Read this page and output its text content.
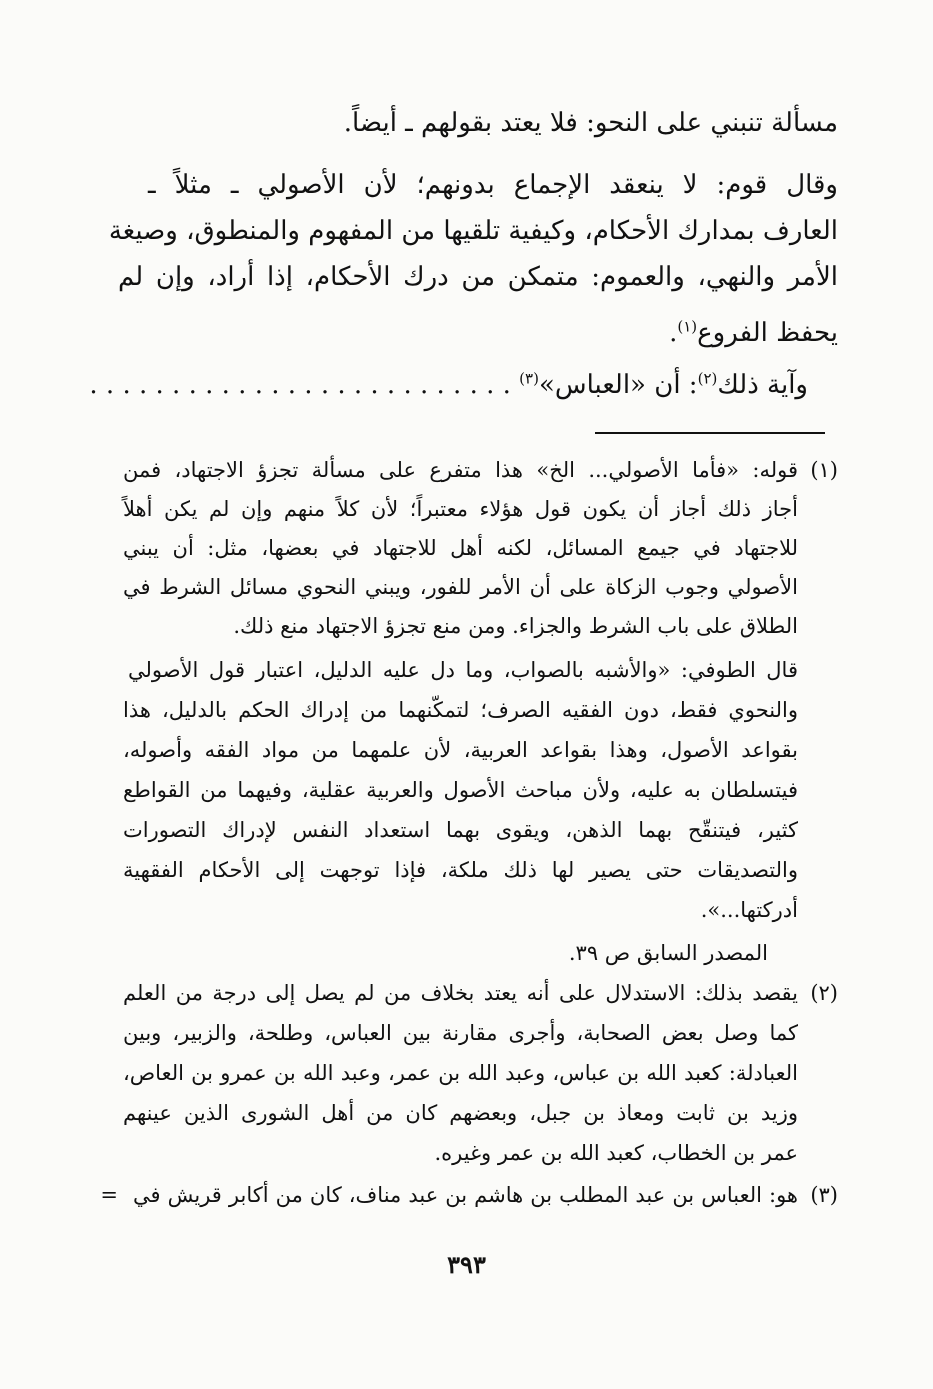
مسألة تنبني على النحو: فلا يعتد بقولهم ـ أيضاً.
وقال قوم: لا ينعقد الإجماع بدونهم؛ لأن الأصولي ـ مثلاً ـ
العارف بمدارك الأحكام، وكيفية تلقيها من المفهوم والمنطوق، وصيغة
الأمر والنهي، والعموم: متمكن من درك الأحكام، إذا أراد، وإن لم
يحفظ الفروع$^{(١)}$.
وآية ذلك$^{(٢)}$: أن «العباس»$^{(٣)}$ . . . . . . . . . . . . . . . . . . . . . . . . . .
(١)
قوله: «فأما الأصولي... الخ» هذا متفرع على مسألة تجزؤ الاجتهاد، فمن
أجاز ذلك أجاز أن يكون قول هؤلاء معتبراً؛ لأن كلاً منهم وإن لم يكن أهلاً
للاجتهاد في جيمع المسائل، لكنه أهل للاجتهاد في بعضها، مثل: أن يبني
الأصولي وجوب الزكاة على أن الأمر للفور، ويبني النحوي مسائل الشرط في
الطلاق على باب الشرط والجزاء. ومن منع تجزؤ الاجتهاد منع ذلك.
قال الطوفي: «والأشبه بالصواب، وما دل عليه الدليل، اعتبار قول الأصولي
والنحوي فقط، دون الفقيه الصرف؛ لتمكّنهما من إدراك الحكم بالدليل، هذا
بقواعد الأصول، وهذا بقواعد العربية، لأن علمهما من مواد الفقه وأصوله،
فيتسلطان به عليه، ولأن مباحث الأصول والعربية عقلية، وفيهما من القواطع
كثير، فيتنقّح بهما الذهن، ويقوى بهما استعداد النفس لإدراك التصورات
والتصديقات حتى يصير لها ذلك ملكة، فإذا توجهت إلى الأحكام الفقهية
أدركتها...».
المصدر السابق ص ٣٩.
(٢)
يقصد بذلك: الاستدلال على أنه يعتد بخلاف من لم يصل إلى درجة من العلم
كما وصل بعض الصحابة، وأجرى مقارنة بين العباس، وطلحة، والزبير، وبين
العبادلة: كعبد الله بن عباس، وعبد الله بن عمر، وعبد الله بن عمرو بن العاص،
وزيد بن ثابت ومعاذ بن جبل، وبعضهم كان من أهل الشورى الذين عينهم
عمر بن الخطاب، كعبد الله بن عمر وغيره.
(٣)
هو: العباس بن عبد المطلب بن هاشم بن عبد مناف، كان من أكابر قريش في
=
٣٩٣
